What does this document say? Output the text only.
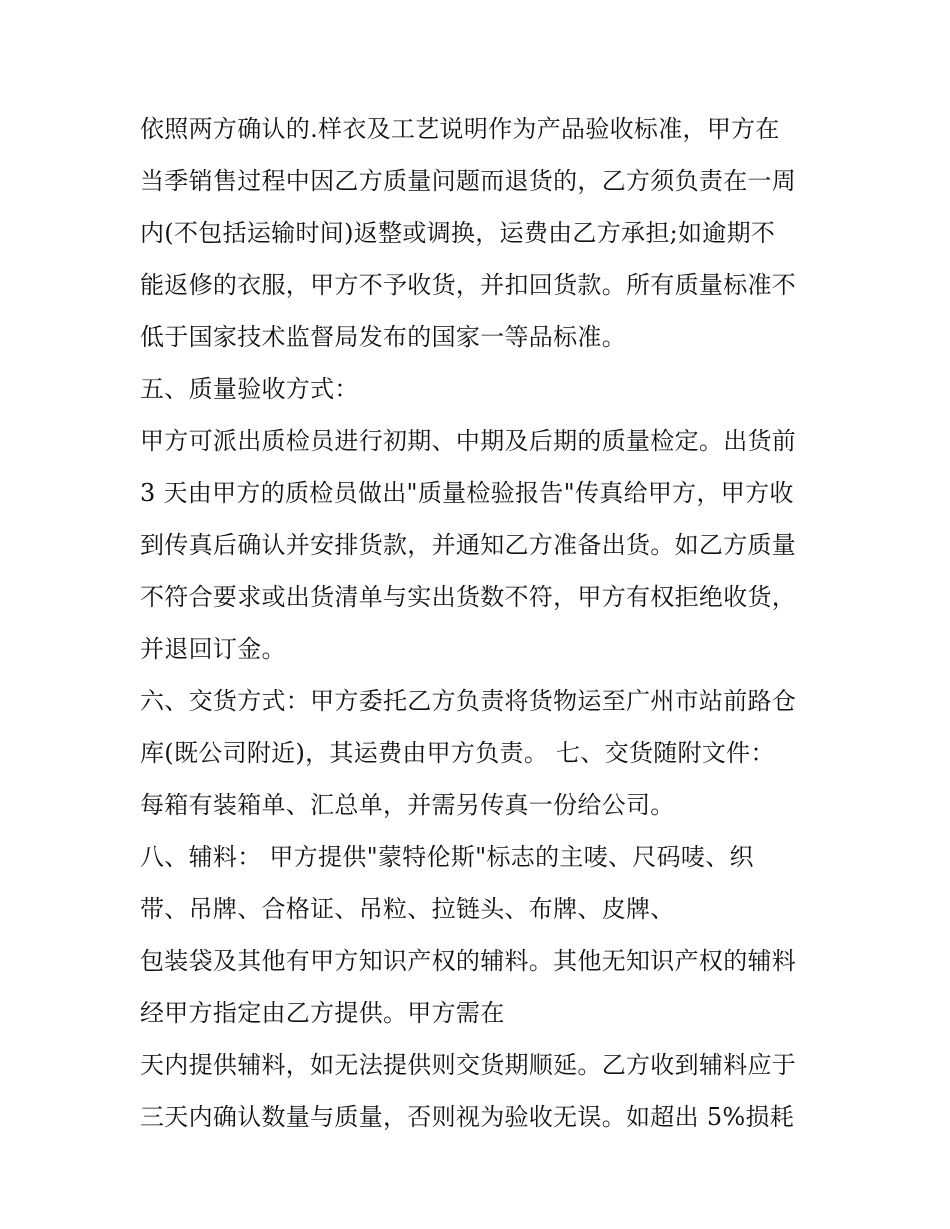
依照两方确认的.样衣及工艺说明作为产品验收标准，甲方在

当季销售过程中因乙方质量问题而退货的，乙方须负责在一周

内(不包括运输时间)返整或调换，运费由乙方承担;如逾期不

能返修的衣服，甲方不予收货，并扣回货款。所有质量标准不

低于国家技术监督局发布的国家一等品标准。

五、质量验收方式：

甲方可派出质检员进行初期、中期及后期的质量检定。出货前

3 天由甲方的质检员做出"质量检验报告"传真给甲方，甲方收

到传真后确认并安排货款，并通知乙方准备出货。如乙方质量

不符合要求或出货清单与实出货数不符，甲方有权拒绝收货，

并退回订金。

六、交货方式：甲方委托乙方负责将货物运至广州市站前路仓

库(既公司附近)，其运费由甲方负责。 七、交货随附文件：

每箱有装箱单、汇总单，并需另传真一份给公司。

八、辅料： 甲方提供"蒙特伦斯"标志的主唛、尺码唛、织

带、吊牌、合格证、吊粒、拉链头、布牌、皮牌、

包装袋及其他有甲方知识产权的辅料。其他无知识产权的辅料

经甲方指定由乙方提供。甲方需在

天内提供辅料，如无法提供则交货期顺延。乙方收到辅料应于

三天内确认数量与质量，否则视为验收无误。如超出 5%损耗
